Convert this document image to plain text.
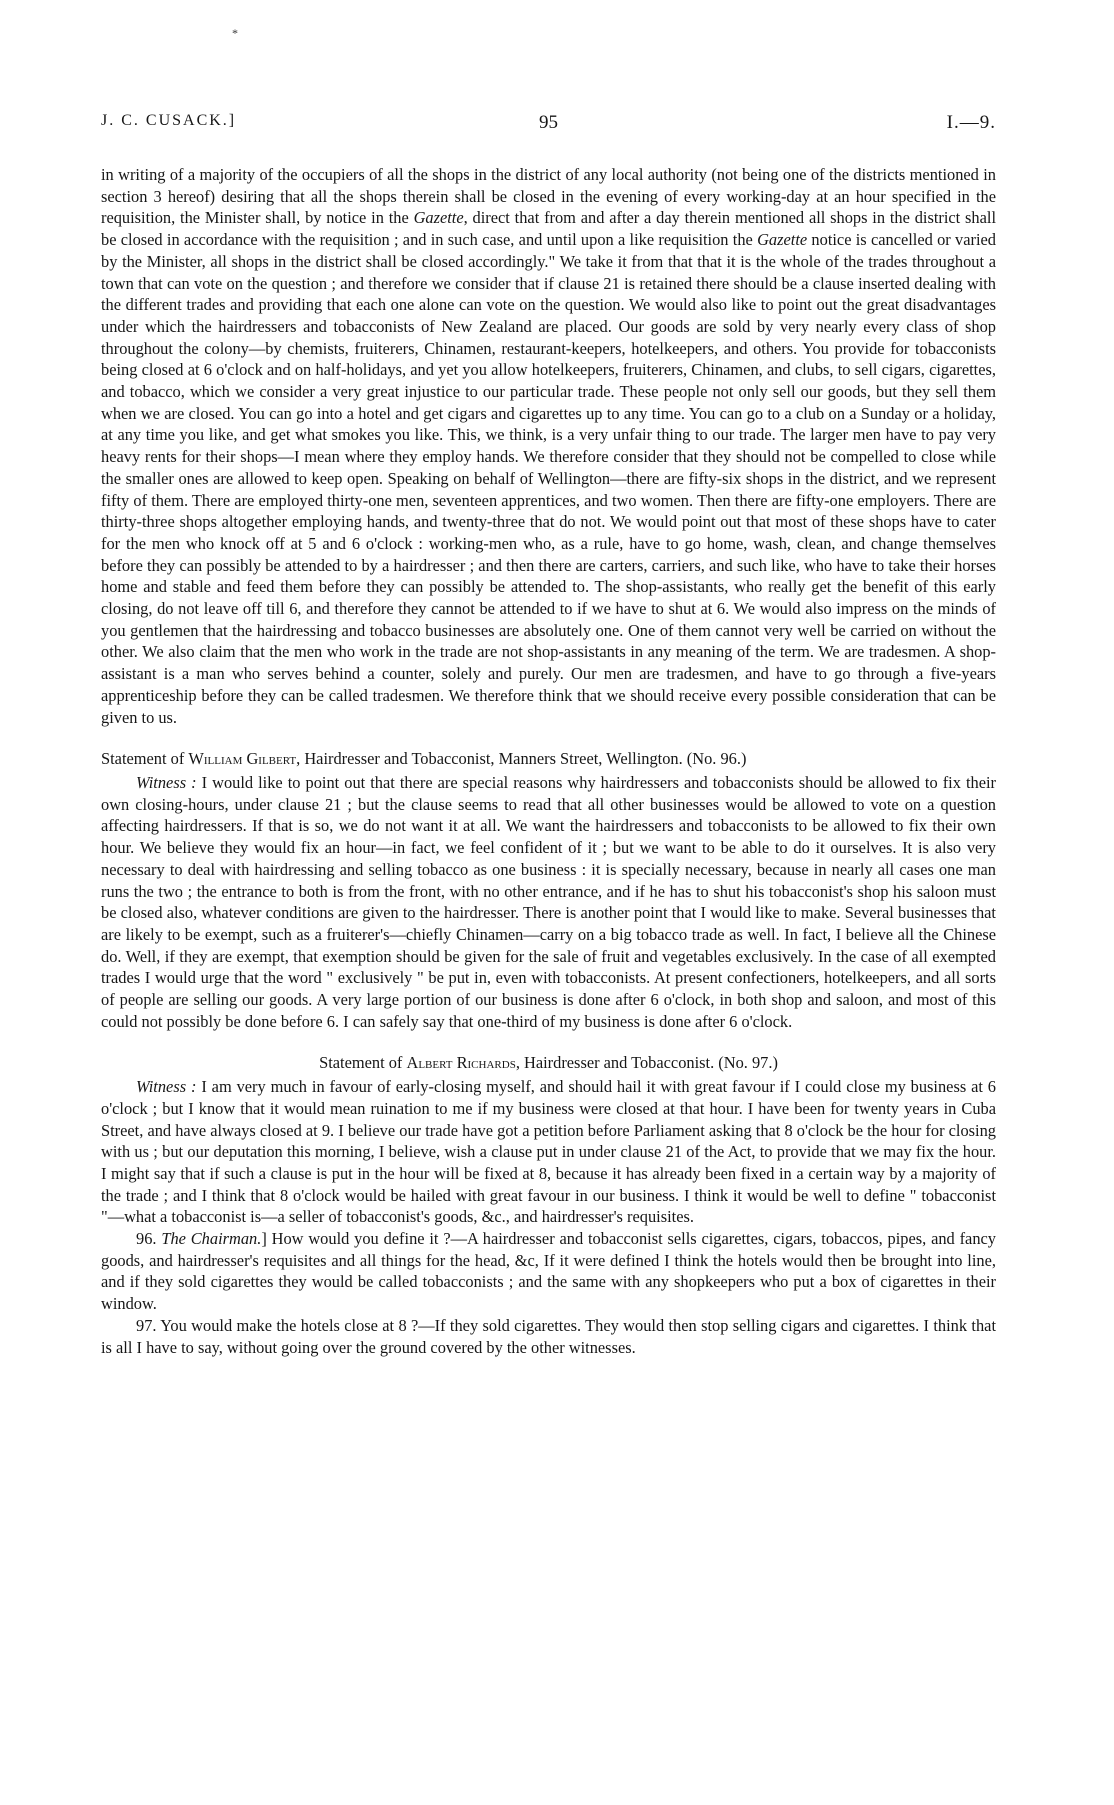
*
J. C. CUSACK.]	95	I.—9.

in writing of a majority of the occupiers of all the shops in the district of any local authority (not being one of the districts mentioned in section 3 hereof) desiring that all the shops therein shall be closed in the evening of every working-day at an hour specified in the requisition, the Minister shall, by notice in the Gazette, direct that from and after a day therein mentioned all shops in the district shall be closed in accordance with the requisition ; and in such case, and until upon a like requisition the Gazette notice is cancelled or varied by the Minister, all shops in the district shall be closed accordingly." We take it from that that it is the whole of the trades throughout a town that can vote on the question ; and therefore we consider that if clause 21 is retained there should be a clause inserted dealing with the different trades and providing that each one alone can vote on the question. We would also like to point out the great disadvantages under which the hairdressers and tobacconists of New Zealand are placed. Our goods are sold by very nearly every class of shop throughout the colony—by chemists, fruiterers, Chinamen, restaurant-keepers, hotelkeepers, and others. You provide for tobacconists being closed at 6 o'clock and on half-holidays, and yet you allow hotelkeepers, fruiterers, Chinamen, and clubs, to sell cigars, cigarettes, and tobacco, which we consider a very great injustice to our particular trade. These people not only sell our goods, but they sell them when we are closed. You can go into a hotel and get cigars and cigarettes up to any time. You can go to a club on a Sunday or a holiday, at any time you like, and get what smokes you like. This, we think, is a very unfair thing to our trade. The larger men have to pay very heavy rents for their shops—I mean where they employ hands. We therefore consider that they should not be compelled to close while the smaller ones are allowed to keep open. Speaking on behalf of Wellington—there are fifty-six shops in the district, and we represent fifty of them. There are employed thirty-one men, seventeen apprentices, and two women. Then there are fifty-one employers. There are thirty-three shops altogether employing hands, and twenty-three that do not. We would point out that most of these shops have to cater for the men who knock off at 5 and 6 o'clock : working-men who, as a rule, have to go home, wash, clean, and change themselves before they can possibly be attended to by a hairdresser ; and then there are carters, carriers, and such like, who have to take their horses home and stable and feed them before they can possibly be attended to. The shop-assistants, who really get the benefit of this early closing, do not leave off till 6, and therefore they cannot be attended to if we have to shut at 6. We would also impress on the minds of you gentlemen that the hairdressing and tobacco businesses are absolutely one. One of them cannot very well be carried on without the other. We also claim that the men who work in the trade are not shop-assistants in any meaning of the term. We are tradesmen. A shop-assistant is a man who serves behind a counter, solely and purely. Our men are tradesmen, and have to go through a five-years apprenticeship before they can be called tradesmen. We therefore think that we should receive every possible consideration that can be given to us.

Statement of William Gilbert, Hairdresser and Tobacconist, Manners Street, Wellington. (No. 96.)

Witness : I would like to point out that there are special reasons why hairdressers and tobacconists should be allowed to fix their own closing-hours, under clause 21 ; but the clause seems to read that all other businesses would be allowed to vote on a question affecting hairdressers. If that is so, we do not want it at all. We want the hairdressers and tobacconists to be allowed to fix their own hour. We believe they would fix an hour—in fact, we feel confident of it ; but we want to be able to do it ourselves. It is also very necessary to deal with hairdressing and selling tobacco as one business : it is specially necessary, because in nearly all cases one man runs the two ; the entrance to both is from the front, with no other entrance, and if he has to shut his tobacconist's shop his saloon must be closed also, whatever conditions are given to the hairdresser. There is another point that I would like to make. Several businesses that are likely to be exempt, such as a fruiterer's—chiefly Chinamen—carry on a big tobacco trade as well. In fact, I believe all the Chinese do. Well, if they are exempt, that exemption should be given for the sale of fruit and vegetables exclusively. In the case of all exempted trades I would urge that the word " exclusively " be put in, even with tobacconists. At present confectioners, hotelkeepers, and all sorts of people are selling our goods. A very large portion of our business is done after 6 o'clock, in both shop and saloon, and most of this could not possibly be done before 6. I can safely say that one-third of my business is done after 6 o'clock.

Statement of Albert Richards, Hairdresser and Tobacconist. (No. 97.)

Witness : I am very much in favour of early-closing myself, and should hail it with great favour if I could close my business at 6 o'clock ; but I know that it would mean ruination to me if my business were closed at that hour. I have been for twenty years in Cuba Street, and have always closed at 9. I believe our trade have got a petition before Parliament asking that 8 o'clock be the hour for closing with us ; but our deputation this morning, I believe, wish a clause put in under clause 21 of the Act, to provide that we may fix the hour. I might say that if such a clause is put in the hour will be fixed at 8, because it has already been fixed in a certain way by a majority of the trade ; and I think that 8 o'clock would be hailed with great favour in our business. I think it would be well to define " tobacconist "—what a tobacconist is—a seller of tobacconist's goods, &c., and hairdresser's requisites.

96. The Chairman.] How would you define it ?—A hairdresser and tobacconist sells cigarettes, cigars, tobaccos, pipes, and fancy goods, and hairdresser's requisites and all things for the head, &c, If it were defined I think the hotels would then be brought into line, and if they sold cigarettes they would be called tobacconists ; and the same with any shopkeepers who put a box of cigarettes in their window.

97. You would make the hotels close at 8 ?—If they sold cigarettes. They would then stop selling cigars and cigarettes. I think that is all I have to say, without going over the ground covered by the other witnesses.
